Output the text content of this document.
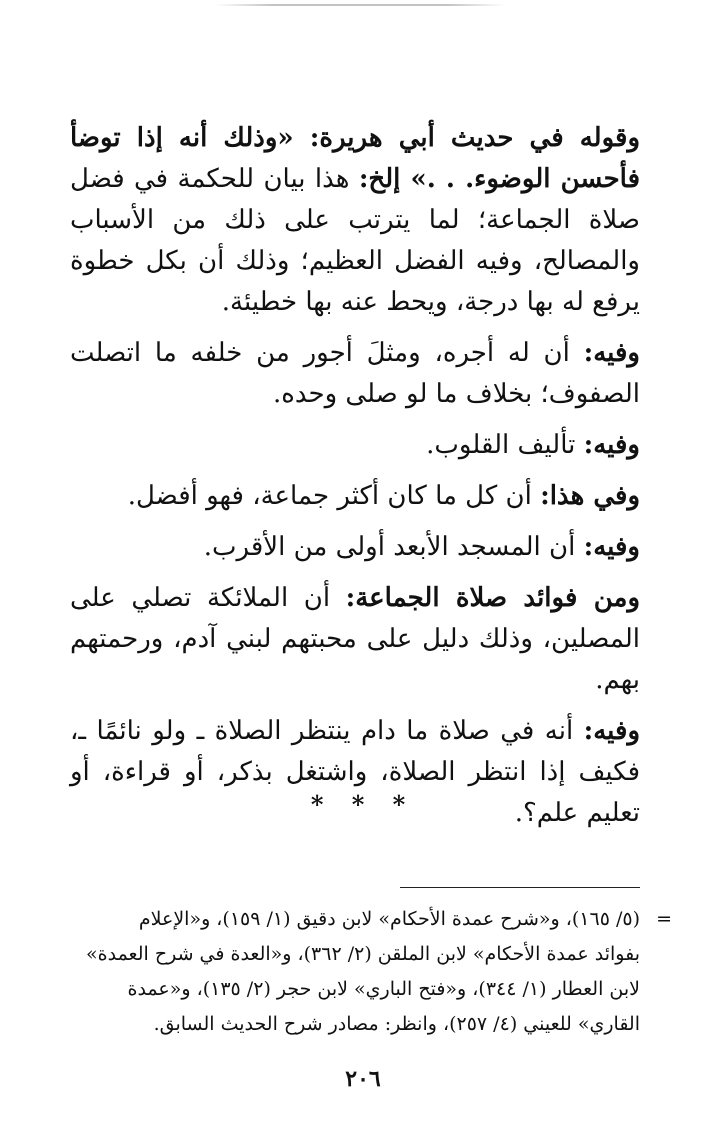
وقوله في حديث أبي هريرة: «وذلك أنه إذا توضأ فأحسن الوضوء. . .» إلخ: هذا بيان للحكمة في فضل صلاة الجماعة؛ لما يترتب على ذلك من الأسباب والمصالح، وفيه الفضل العظيم؛ وذلك أن بكل خطوة يرفع له بها درجة، ويحط عنه بها خطيئة.

وفيه: أن له أجره، ومثلَ أجور من خلفه ما اتصلت الصفوف؛ بخلاف ما لو صلى وحده.

وفيه: تأليف القلوب.

وفي هذا: أن كل ما كان أكثر جماعة، فهو أفضل.

وفيه: أن المسجد الأبعد أولى من الأقرب.

ومن فوائد صلاة الجماعة: أن الملائكة تصلي على المصلين، وذلك دليل على محبتهم لبني آدم، ورحمتهم بهم.

وفيه: أنه في صلاة ما دام ينتظر الصلاة ـ ولو نائمًا ـ، فكيف إذا انتظر الصلاة، واشتغل بذكر، أو قراءة، أو تعليم علم؟.

* * *
=

(٥/ ١٦٥)، و«شرح عمدة الأحكام» لابن دقيق (١/ ١٥٩)، و«الإعلام

بفوائد عمدة الأحكام» لابن الملقن (٢/ ٣٦٢)، و«العدة في شرح العمدة»

لابن العطار (١/ ٣٤٤)، و«فتح الباري» لابن حجر (٢/ ١٣٥)، و«عمدة

القاري» للعيني (٤/ ٢٥٧)، وانظر: مصادر شرح الحديث السابق.

٢٠٦
